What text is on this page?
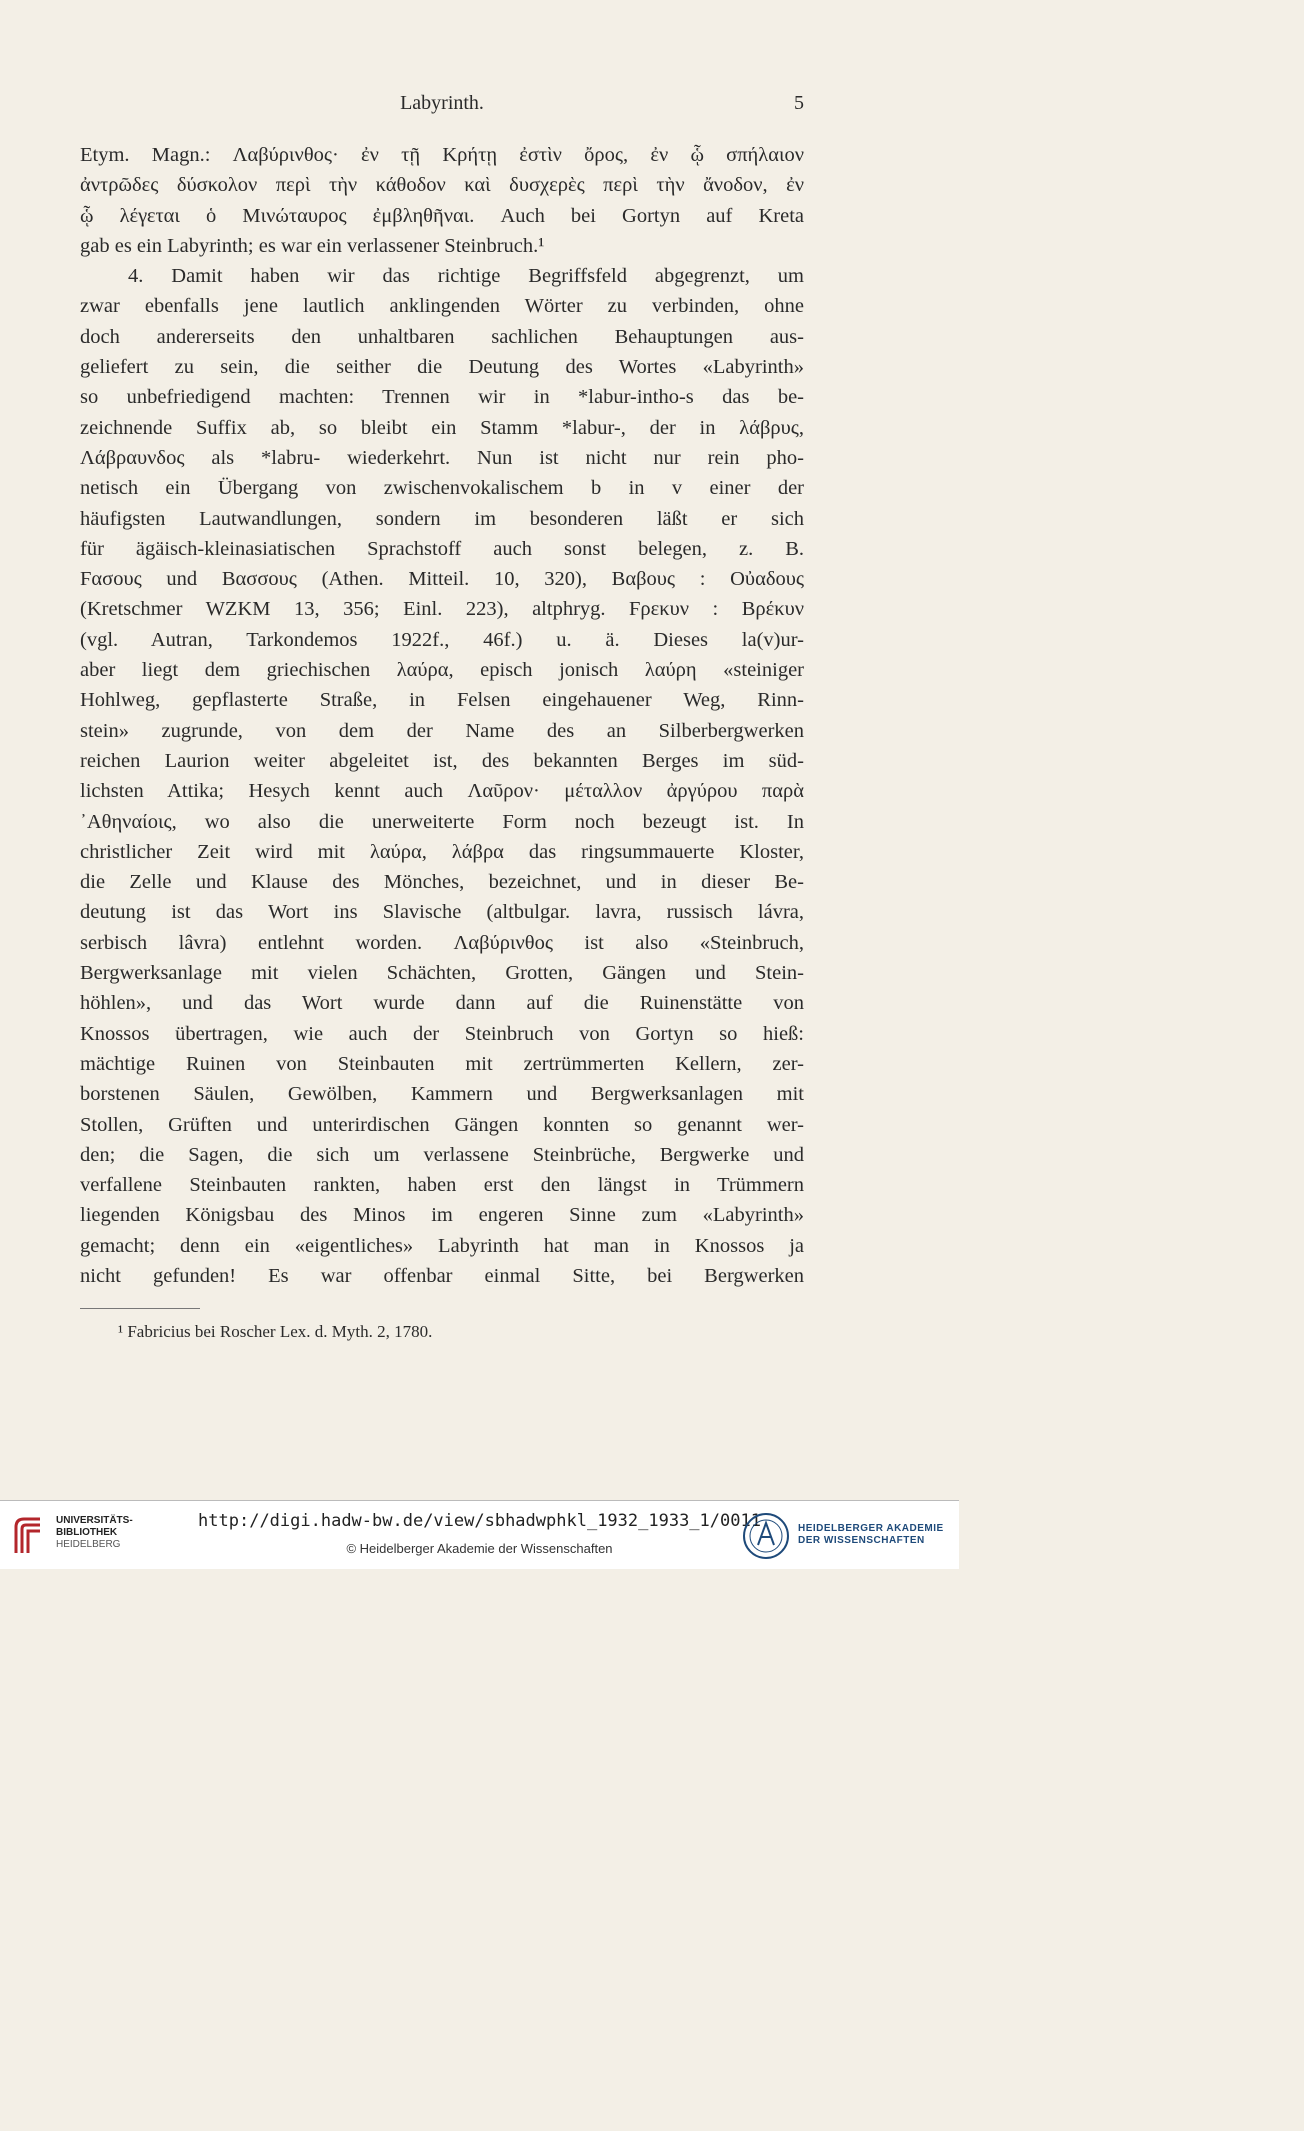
Labyrinth.	5
Etym. Magn.: Λαβύρινθος· ἐν τῇ Κρήτῃ ἐστὶν ὄρος, ἐν ᾧ σπήλαιον
ἀντρῶδες δύσκολον περὶ τὴν κάθοδον καὶ δυσχερὲς περὶ τὴν ἄνοδον, ἐν
ᾧ λέγεται ὁ Μινώταυρος ἐμβληθῆναι. Auch bei Gortyn auf Kreta
gab es ein Labyrinth; es war ein verlassener Steinbruch.¹
4. Damit haben wir das richtige Begriffsfeld abgegrenzt, um
zwar ebenfalls jene lautlich anklingenden Wörter zu verbinden, ohne
doch andererseits den unhaltbaren sachlichen Behauptungen aus-
geliefert zu sein, die seither die Deutung des Wortes «Labyrinth»
so unbefriedigend machten: Trennen wir in *labur-intho-s das be-
zeichnende Suffix ab, so bleibt ein Stamm *labur-, der in λάβρυς,
Λάβραυνδος als *labru- wiederkehrt. Nun ist nicht nur rein pho-
netisch ein Übergang von zwischenvokalischem b in v einer der
häufigsten Lautwandlungen, sondern im besonderen läßt er sich
für ägäisch-kleinasiatischen Sprachstoff auch sonst belegen, z. B.
Ϝασους und Βασσους (Athen. Mitteil. 10, 320), Βαβους : Οὐαδους
(Kretschmer WZKM 13, 356; Einl. 223), altphryg. Ϝρεκυν : Βρέκυν
(vgl. Autran, Tarkondemos 1922f., 46f.) u. ä. Dieses la(v)ur-
aber liegt dem griechischen λαύρα, episch jonisch λαύρη «steiniger
Hohlweg, gepflasterte Straße, in Felsen eingehauener Weg, Rinn-
stein» zugrunde, von dem der Name des an Silberbergwerken
reichen Laurion weiter abgeleitet ist, des bekannten Berges im süd-
lichsten Attika; Hesych kennt auch Λαῦρον· μέταλλον ἀργύρου παρὰ
᾿Αθηναίοις, wo also die unerweiterte Form noch bezeugt ist. In
christlicher Zeit wird mit λαύρα, λάβρα das ringsummauerte Kloster,
die Zelle und Klause des Mönches, bezeichnet, und in dieser Be-
deutung ist das Wort ins Slavische (altbulgar. lavra, russisch lávra,
serbisch lâvra) entlehnt worden. Λαβύρινθος ist also «Steinbruch,
Bergwerksanlage mit vielen Schächten, Grotten, Gängen und Stein-
höhlen», und das Wort wurde dann auf die Ruinenstätte von
Knossos übertragen, wie auch der Steinbruch von Gortyn so hieß:
mächtige Ruinen von Steinbauten mit zertrümmerten Kellern, zer-
borstenen Säulen, Gewölben, Kammern und Bergwerksanlagen mit
Stollen, Grüften und unterirdischen Gängen konnten so genannt wer-
den; die Sagen, die sich um verlassene Steinbrüche, Bergwerke und
verfallene Steinbauten rankten, haben erst den längst in Trümmern
liegenden Königsbau des Minos im engeren Sinne zum «Labyrinth»
gemacht; denn ein «eigentliches» Labyrinth hat man in Knossos ja
nicht gefunden! Es war offenbar einmal Sitte, bei Bergwerken
¹ Fabricius bei Roscher Lex. d. Myth. 2, 1780.
UNIVERSITÄTS-
BIBLIOTHEK
HEIDELBERG
http://digi.hadw-bw.de/view/sbhadwphkl_1932_1933_1/0011
© Heidelberger Akademie der Wissenschaften
HEIDELBERGER AKADEMIE
DER WISSENSCHAFTEN
